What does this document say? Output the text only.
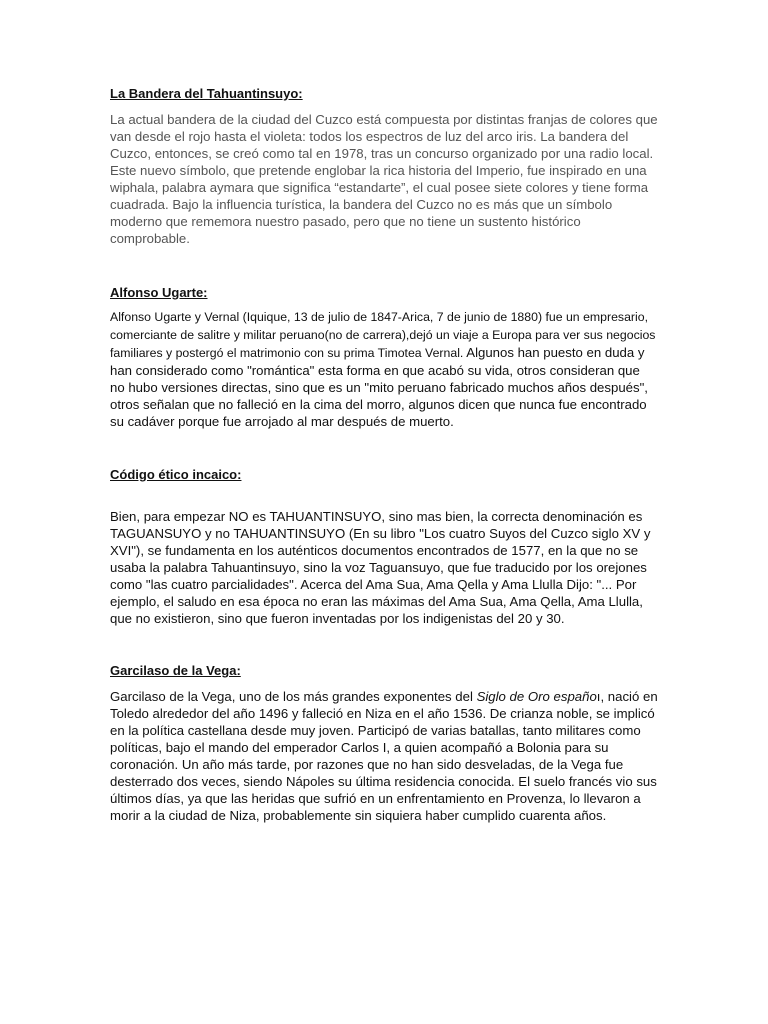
La Bandera del Tahuantinsuyo:

La actual bandera de la ciudad del Cuzco está compuesta por distintas franjas de colores que van desde el rojo hasta el violeta: todos los espectros de luz del arco iris. La bandera del Cuzco, entonces, se creó como tal en 1978, tras un concurso organizado por una radio local. Este nuevo símbolo, que pretende englobar la rica historia del Imperio, fue inspirado en una wiphala, palabra aymara que significa “estandarte”, el cual posee siete colores y tiene forma cuadrada. Bajo la influencia turística, la bandera del Cuzco no es más que un símbolo moderno que rememora nuestro pasado, pero que no tiene un sustento histórico comprobable.

Alfonso Ugarte:

Alfonso Ugarte y Vernal (Iquique, 13 de julio de 1847-Arica, 7 de junio de 1880) fue un empresario, comerciante de salitre y militar peruano(no de carrera),dejó un viaje a Europa para ver sus negocios familiares y postergó el matrimonio con su prima Timotea Vernal. Algunos han puesto en duda y han considerado como "romántica" esta forma en que acabó su vida, otros consideran que no hubo versiones directas, sino que es un "mito peruano fabricado muchos años después", otros señalan que no falleció en la cima del morro, algunos dicen que nunca fue encontrado su cadáver porque fue arrojado al mar después de muerto.

Código ético incaico:

Bien, para empezar NO es TAHUANTINSUYO, sino mas bien, la correcta denominación es TAGUANSUYO y no TAHUANTINSUYO (En su libro "Los cuatro Suyos del Cuzco siglo XV y XVI"), se fundamenta en los auténticos documentos encontrados de 1577, en la que no se usaba la palabra Tahuantinsuyo, sino la voz Taguansuyo, que fue traducido por los orejones como "las cuatro parcialidades". Acerca del Ama Sua, Ama Qella y Ama Llulla Dijo: "... Por ejemplo, el saludo en esa época no eran las máximas del Ama Sua, Ama Qella, Ama Llulla, que no existieron, sino que fueron inventadas por los indigenistas del 20 y 30.

Garcilaso de la Vega:

Garcilaso de la Vega, uno de los más grandes exponentes del Siglo de Oro españoı, nació en Toledo alrededor del año 1496 y falleció en Niza en el año 1536. De crianza noble, se implicó en la política castellana desde muy joven. Participó de varias batallas, tanto militares como políticas, bajo el mando del emperador Carlos I, a quien acompañó a Bolonia para su coronación. Un año más tarde, por razones que no han sido desveladas, de la Vega fue desterrado dos veces, siendo Nápoles su última residencia conocida. El suelo francés vio sus últimos días, ya que las heridas que sufrió en un enfrentamiento en Provenza, lo llevaron a morir a la ciudad de Niza, probablemente sin siquiera haber cumplido cuarenta años.
